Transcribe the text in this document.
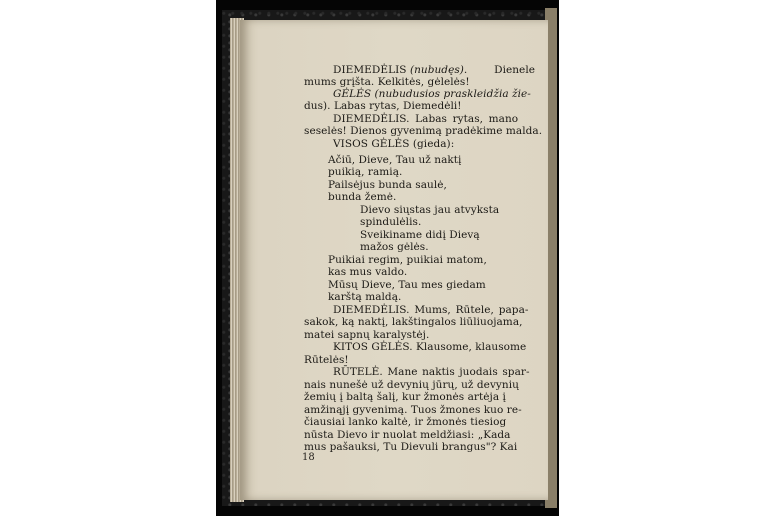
DIEMEDĖLIS (nubudęs).	Dienele
mums grįšta. Kelkitės, gėlelės!
GĖLĖS (nubudusios praskleidžia žie-
dus). Labas rytas, Diemedėli!
DIEMEDĖLIS. Labas rytas, mano
seselės! Dienos gyvenimą pradėkime malda.
VISOS GĖLĖS (gieda):
Ačiū, Dieve, Tau už naktį
puikią, ramią.
Pailsėjus bunda saulė,
bunda žemė.
Dievo siųstas jau atvyksta
spindulėlis.
Sveikiname didį Dievą
mažos gėlės.
Puikiai regim, puikiai matom,
kas mus valdo.
Mūsų Dieve, Tau mes giedam
karštą maldą.
DIEMEDĖLIS. Mums, Rūtele, papa-
sakok, ką naktį, lakštingalos liūliuojama,
matei sapnų karalystėj.
KITOS GĖLĖS. Klausome, klausome
Rūtelės!
RŪTELĖ. Mane naktis juodais spar-
nais nunešė už devynių jūrų, už devynių
žemių į baltą šalį, kur žmonės artėja į
amžinąjį gyvenimą. Tuos žmones kuo re-
čiausiai lanko kaltė, ir žmonės tiesiog
nūsta Dievo ir nuolat meldžiasi: „Kada
mus pašauksi, Tu Dievuli brangus"? Kai
18
